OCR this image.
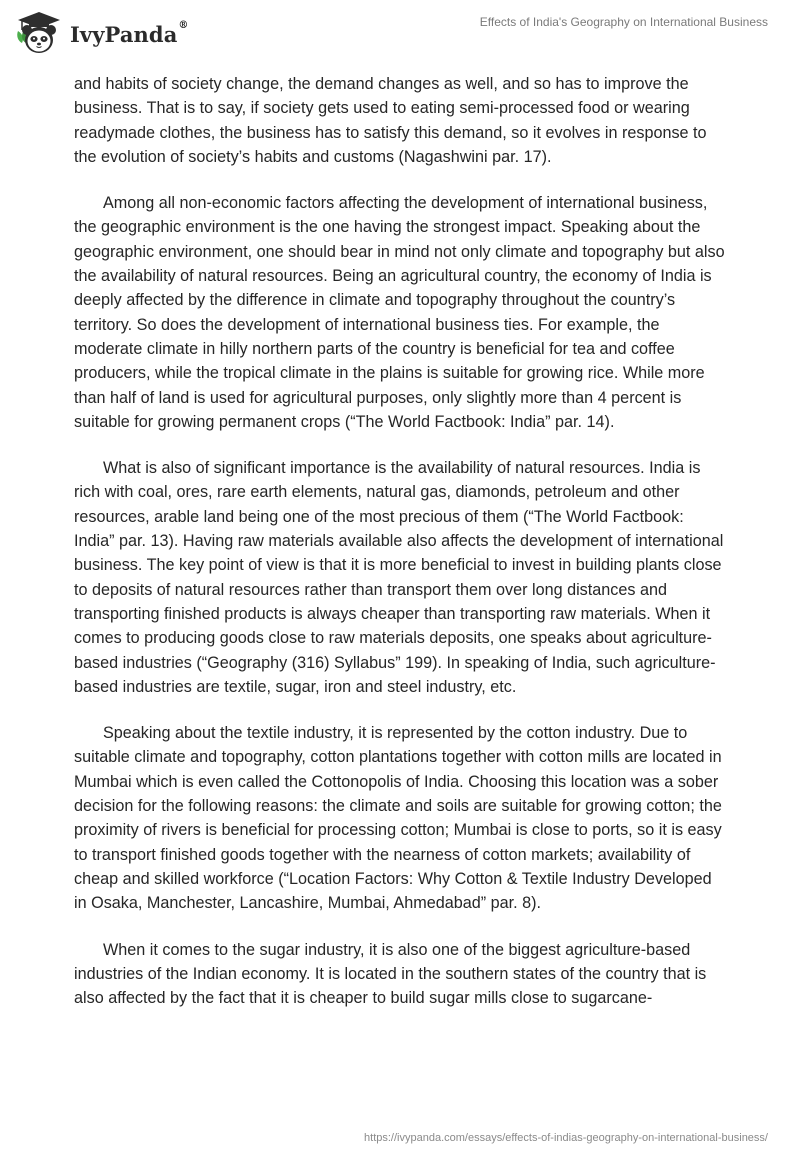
IvyPanda®	Effects of India's Geography on International Business

and habits of society change, the demand changes as well, and so has to improve the business. That is to say, if society gets used to eating semi-processed food or wearing readymade clothes, the business has to satisfy this demand, so it evolves in response to the evolution of society’s habits and customs (Nagashwini par. 17).

Among all non-economic factors affecting the development of international business, the geographic environment is the one having the strongest impact. Speaking about the geographic environment, one should bear in mind not only climate and topography but also the availability of natural resources. Being an agricultural country, the economy of India is deeply affected by the difference in climate and topography throughout the country’s territory. So does the development of international business ties. For example, the moderate climate in hilly northern parts of the country is beneficial for tea and coffee producers, while the tropical climate in the plains is suitable for growing rice. While more than half of land is used for agricultural purposes, only slightly more than 4 percent is suitable for growing permanent crops (“The World Factbook: India” par. 14).

What is also of significant importance is the availability of natural resources. India is rich with coal, ores, rare earth elements, natural gas, diamonds, petroleum and other resources, arable land being one of the most precious of them (“The World Factbook: India” par. 13). Having raw materials available also affects the development of international business. The key point of view is that it is more beneficial to invest in building plants close to deposits of natural resources rather than transport them over long distances and transporting finished products is always cheaper than transporting raw materials. When it comes to producing goods close to raw materials deposits, one speaks about agriculture-based industries (“Geography (316) Syllabus” 199). In speaking of India, such agriculture-based industries are textile, sugar, iron and steel industry, etc.

Speaking about the textile industry, it is represented by the cotton industry. Due to suitable climate and topography, cotton plantations together with cotton mills are located in Mumbai which is even called the Cottonopolis of India. Choosing this location was a sober decision for the following reasons: the climate and soils are suitable for growing cotton; the proximity of rivers is beneficial for processing cotton; Mumbai is close to ports, so it is easy to transport finished goods together with the nearness of cotton markets; availability of cheap and skilled workforce (“Location Factors: Why Cotton & Textile Industry Developed in Osaka, Manchester, Lancashire, Mumbai, Ahmedabad” par. 8).

When it comes to the sugar industry, it is also one of the biggest agriculture-based industries of the Indian economy. It is located in the southern states of the country that is also affected by the fact that it is cheaper to build sugar mills close to sugarcane-

https://ivypanda.com/essays/effects-of-indias-geography-on-international-business/
